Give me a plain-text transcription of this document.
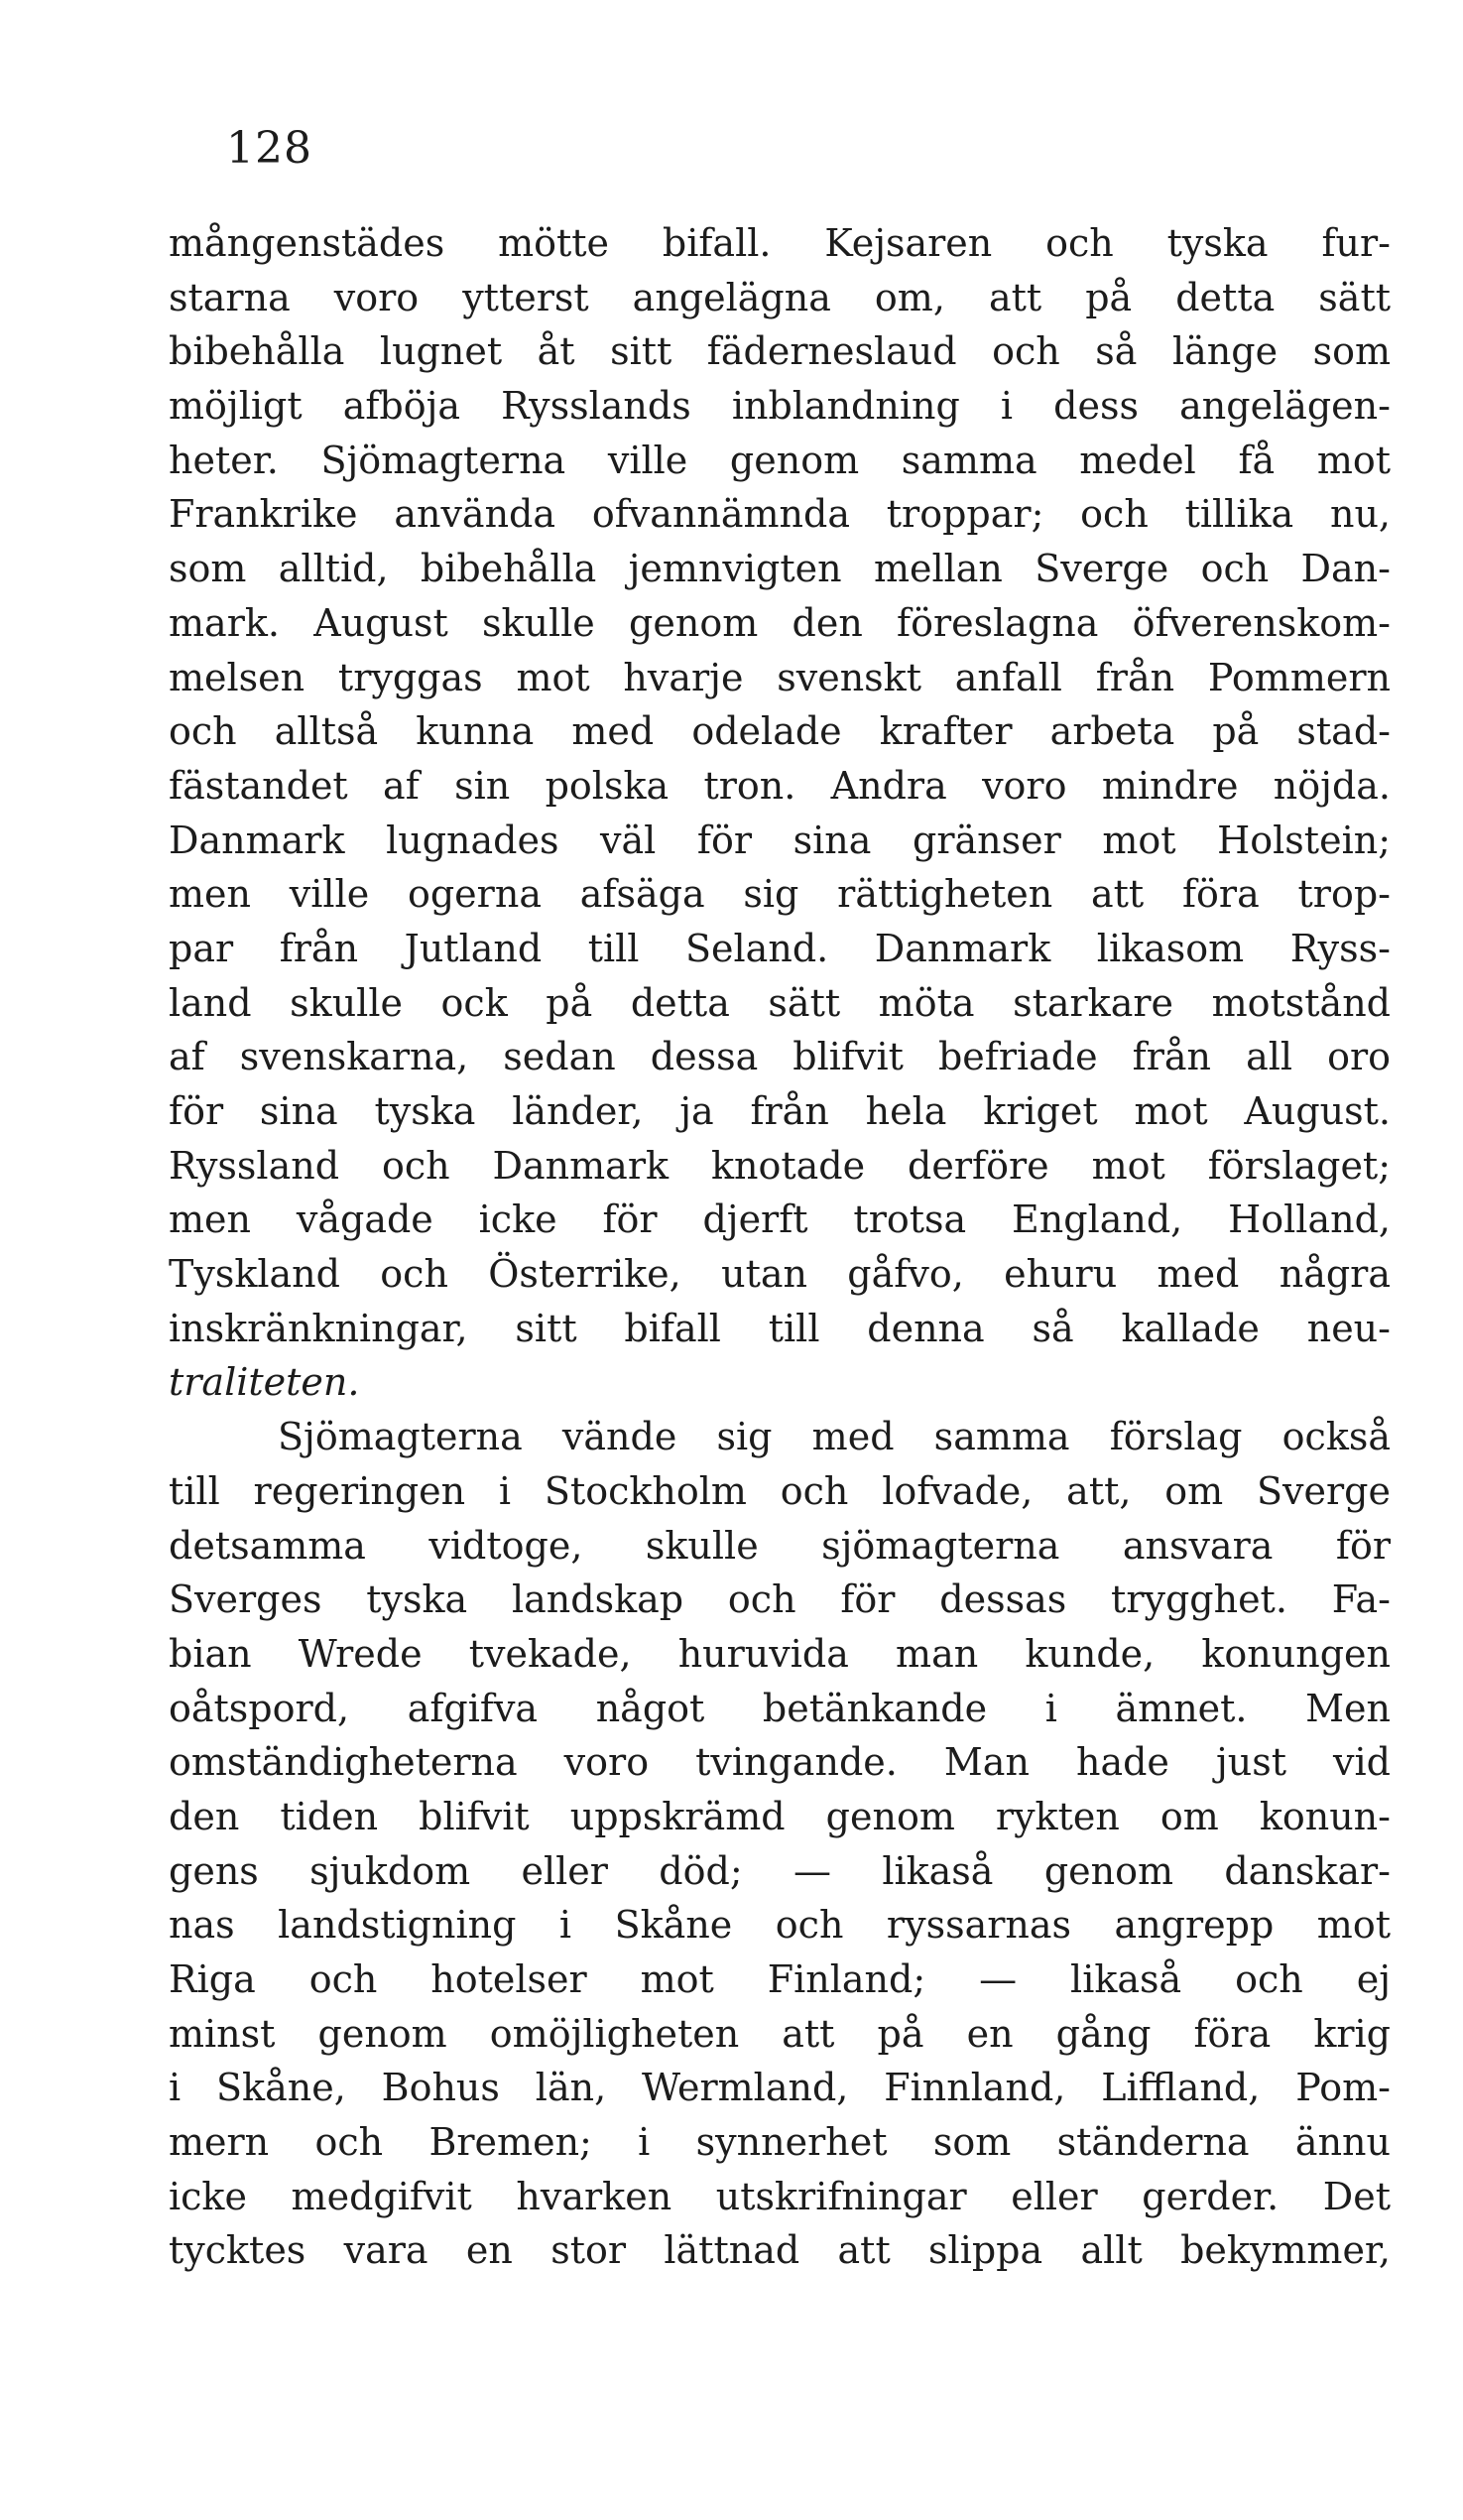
128
mångenstädes mötte bifall. Kejsaren och tyska fur-
starna voro ytterst angelägna om, att på detta sätt
bibehålla lugnet åt sitt fäderneslaud och så länge som
möjligt afböja Rysslands inblandning i dess angelägen-
heter. Sjömagterna ville genom samma medel få mot
Frankrike använda ofvannämnda troppar; och tillika nu,
som alltid, bibehålla jemnvigten mellan Sverge och Dan-
mark. August skulle genom den föreslagna öfverenskom-
melsen tryggas mot hvarje svenskt anfall från Pommern
och alltså kunna med odelade krafter arbeta på stad-
fästandet af sin polska tron. Andra voro mindre nöjda.
Danmark lugnades väl för sina gränser mot Holstein;
men ville ogerna afsäga sig rättigheten att föra trop-
par från Jutland till Seland. Danmark likasom Ryss-
land skulle ock på detta sätt möta starkare motstånd
af svenskarna, sedan dessa blifvit befriade från all oro
för sina tyska länder, ja från hela kriget mot August.
Ryssland och Danmark knotade derföre mot förslaget;
men vågade icke för djerft trotsa England, Holland,
Tyskland och Österrike, utan gåfvo, ehuru med några
inskränkningar, sitt bifall till denna så kallade neu-
traliteten.
Sjömagterna vände sig med samma förslag också
till regeringen i Stockholm och lofvade, att, om Sverge
detsamma vidtoge, skulle sjömagterna ansvara för
Sverges tyska landskap och för dessas trygghet. Fa-
bian Wrede tvekade, huruvida man kunde, konungen
oåtspord, afgifva något betänkande i ämnet. Men
omständigheterna voro tvingande. Man hade just vid
den tiden blifvit uppskrämd genom rykten om konun-
gens sjukdom eller död; — likaså genom danskar-
nas landstigning i Skåne och ryssarnas angrepp mot
Riga och hotelser mot Finland; — likaså och ej
minst genom omöjligheten att på en gång föra krig
i Skåne, Bohus län, Wermland, Finnland, Liffland, Pom-
mern och Bremen; i synnerhet som ständerna ännu
icke medgifvit hvarken utskrifningar eller gerder. Det
tycktes vara en stor lättnad att slippa allt bekymmer,
